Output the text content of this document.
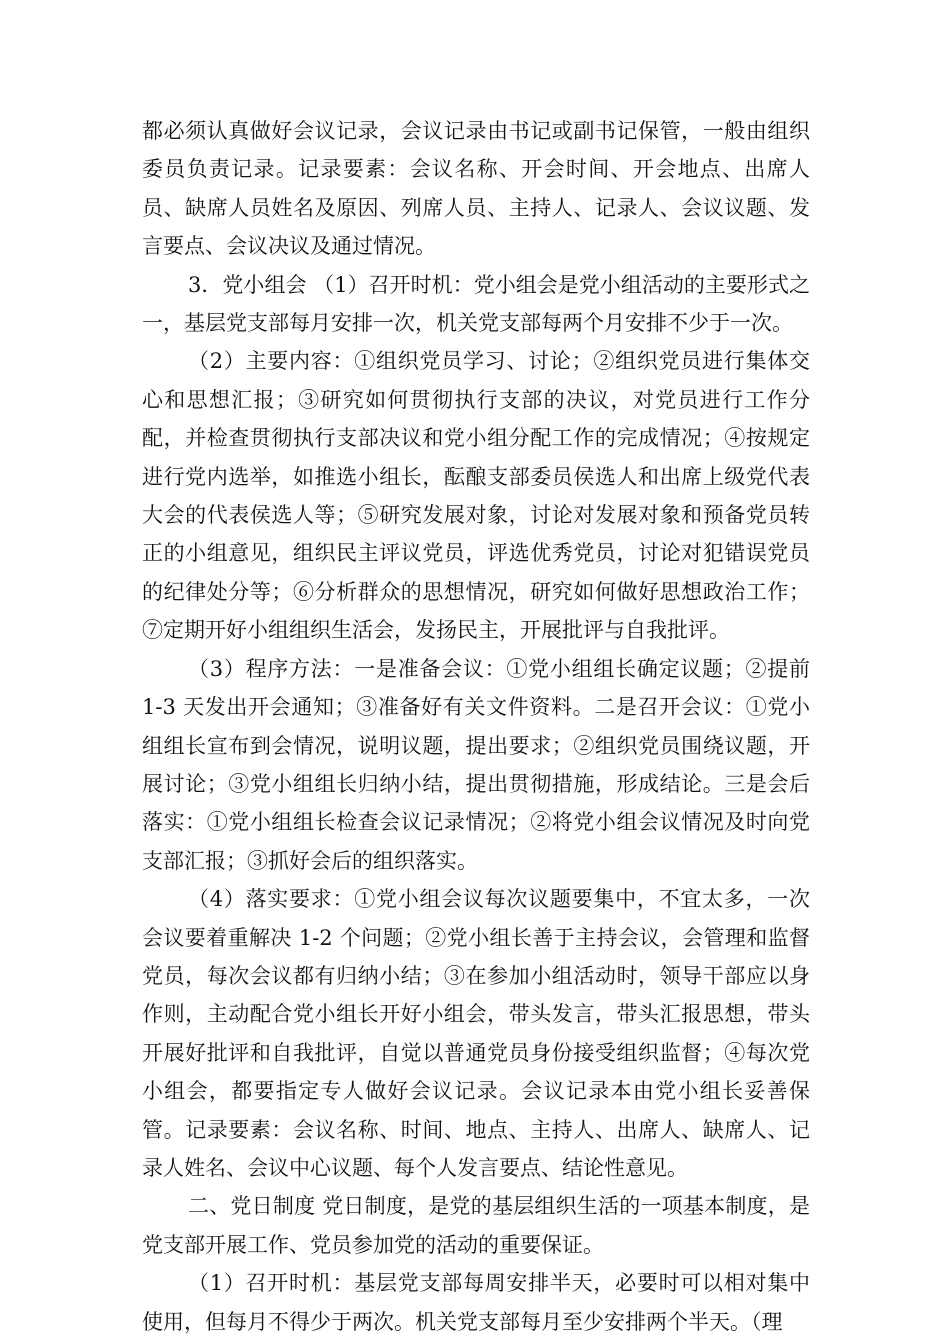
都必须认真做好会议记录，会议记录由书记或副书记保管，一般由组织委员负责记录。记录要素：会议名称、开会时间、开会地点、出席人员、缺席人员姓名及原因、列席人员、主持人、记录人、会议议题、发言要点、会议决议及通过情况。

3．党小组会 （1）召开时机：党小组会是党小组活动的主要形式之一，基层党支部每月安排一次，机关党支部每两个月安排不少于一次。

（2）主要内容：①组织党员学习、讨论；②组织党员进行集体交心和思想汇报；③研究如何贯彻执行支部的决议，对党员进行工作分配，并检查贯彻执行支部决议和党小组分配工作的完成情况；④按规定进行党内选举，如推选小组长，酝酿支部委员侯选人和出席上级党代表大会的代表侯选人等；⑤研究发展对象，讨论对发展对象和预备党员转正的小组意见，组织民主评议党员，评选优秀党员，讨论对犯错误党员的纪律处分等；⑥分析群众的思想情况，研究如何做好思想政治工作；⑦定期开好小组组织生活会，发扬民主，开展批评与自我批评。

（3）程序方法：一是准备会议：①党小组组长确定议题；②提前 1-3 天发出开会通知；③准备好有关文件资料。二是召开会议：①党小组组长宣布到会情况，说明议题，提出要求；②组织党员围绕议题，开展讨论；③党小组组长归纳小结，提出贯彻措施，形成结论。三是会后落实：①党小组组长检查会议记录情况；②将党小组会议情况及时向党支部汇报；③抓好会后的组织落实。

（4）落实要求：①党小组会议每次议题要集中，不宜太多，一次会议要着重解决 1-2 个问题；②党小组长善于主持会议，会管理和监督党员，每次会议都有归纳小结；③在参加小组活动时，领导干部应以身作则，主动配合党小组长开好小组会，带头发言，带头汇报思想，带头开展好批评和自我批评，自觉以普通党员身份接受组织监督；④每次党小组会，都要指定专人做好会议记录。会议记录本由党小组长妥善保管。记录要素：会议名称、时间、地点、主持人、出席人、缺席人、记录人姓名、会议中心议题、每个人发言要点、结论性意见。

二、党日制度 党日制度，是党的基层组织生活的一项基本制度，是党支部开展工作、党员参加党的活动的重要保证。

（1）召开时机：基层党支部每周安排半天，必要时可以相对集中使用，但每月不得少于两次。机关党支部每月至少安排两个半天。（理
